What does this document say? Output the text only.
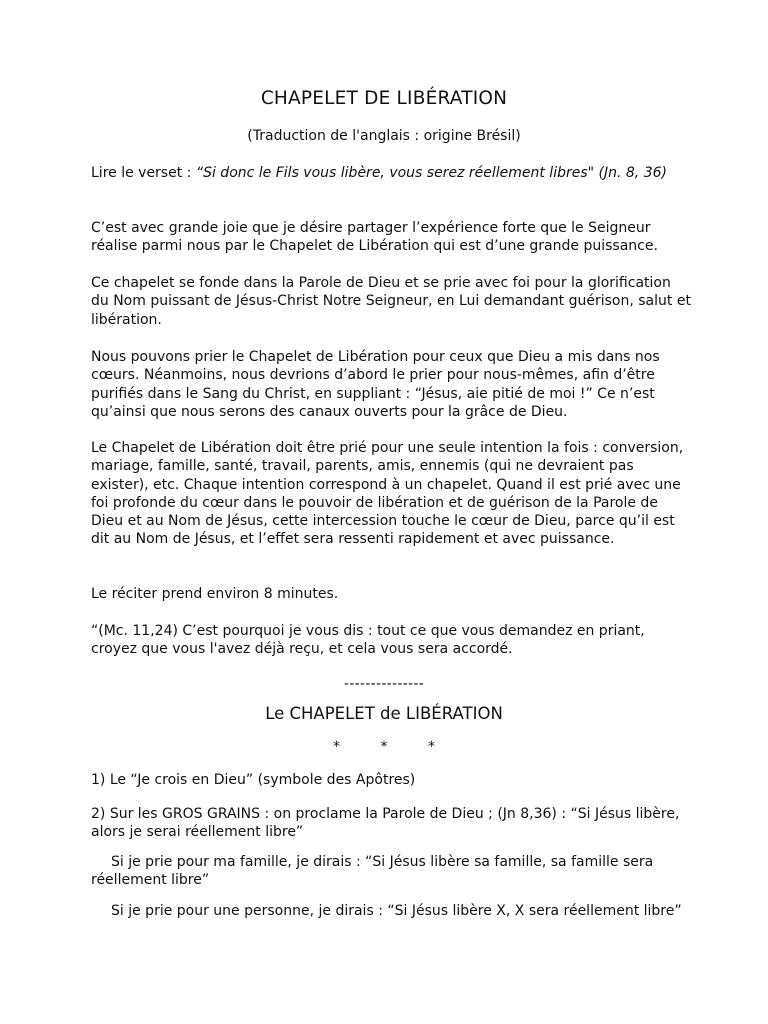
CHAPELET DE LIBÉRATION
(Traduction de l'anglais : origine Brésil)
Lire le verset : “Si donc le Fils vous libère, vous serez réellement libres" (Jn. 8, 36)
C’est avec grande joie que je désire partager l’expérience forte que le Seigneur réalise parmi nous par le Chapelet de Libération qui est d’une grande puissance.
Ce chapelet se fonde dans la Parole de Dieu et se prie avec foi pour la glorification du Nom puissant de Jésus-Christ Notre Seigneur, en Lui demandant guérison, salut et libération.
Nous pouvons prier le Chapelet de Libération pour ceux que Dieu a mis dans nos cœurs. Néanmoins, nous devrions d’abord le prier pour nous-mêmes, afin d’être purifiés dans le Sang du Christ, en suppliant : “Jésus, aie pitié de moi !” Ce n’est qu’ainsi que nous serons des canaux ouverts pour la grâce de Dieu.
Le Chapelet de Libération doit être prié pour une seule intention la fois : conversion, mariage, famille, santé, travail, parents, amis, ennemis (qui ne devraient pas exister), etc. Chaque intention correspond à un chapelet. Quand il est prié avec une foi profonde du cœur dans le pouvoir de libération et de guérison de la Parole de Dieu et au Nom de Jésus, cette intercession touche le cœur de Dieu, parce qu’il est dit au Nom de Jésus, et l’effet sera ressenti rapidement et avec puissance.
Le réciter prend environ 8 minutes.
“(Mc. 11,24) C’est pourquoi je vous dis : tout ce que vous demandez en priant, croyez que vous l'avez déjà reçu, et cela vous sera accordé.
---------------
Le CHAPELET de LIBÉRATION
* * *
1) Le “Je crois en Dieu” (symbole des Apôtres)
2) Sur les GROS GRAINS : on proclame la Parole de Dieu ; (Jn 8,36) : “Si Jésus libère, alors je serai réellement libre”
Si je prie pour ma famille, je dirais : “Si Jésus libère sa famille, sa famille sera réellement libre”
Si je prie pour une personne, je dirais : “Si Jésus libère X, X sera réellement libre”
